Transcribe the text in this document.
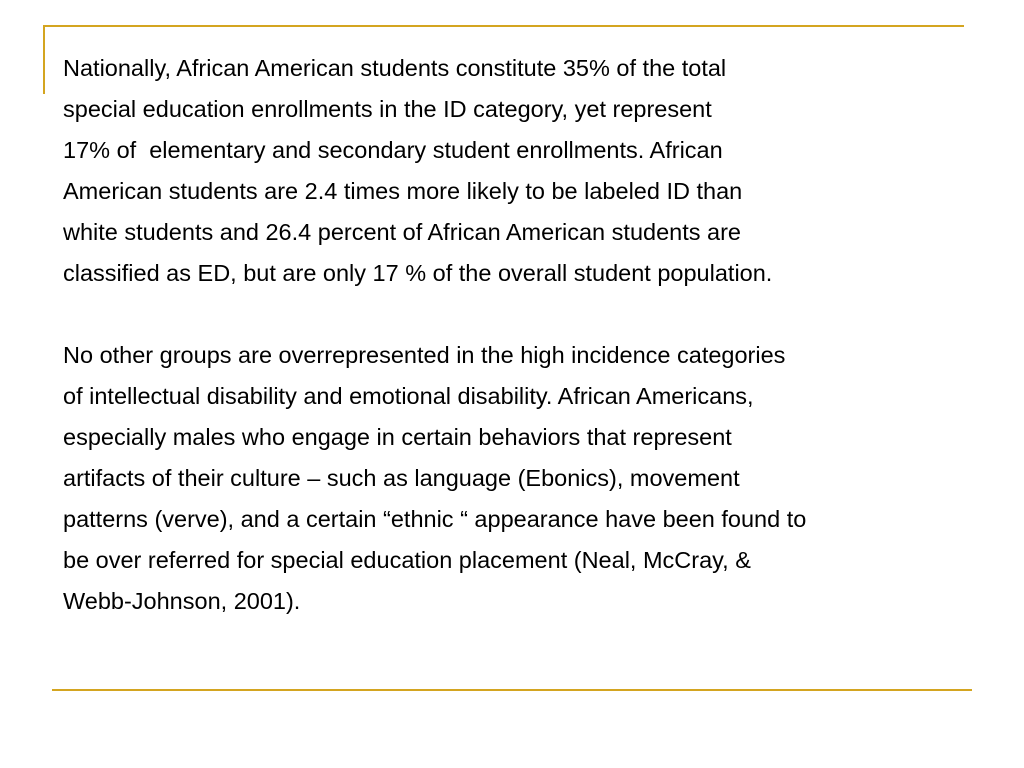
Nationally, African American students constitute 35% of the total
special education enrollments in the ID category, yet represent
17% of  elementary and secondary student enrollments. African
American students are 2.4 times more likely to be labeled ID than
white students and 26.4 percent of African American students are
classified as ED, but are only 17 % of the overall student population.
No other groups are overrepresented in the high incidence categories
of intellectual disability and emotional disability. African Americans,
especially males who engage in certain behaviors that represent
artifacts of their culture – such as language (Ebonics), movement
patterns (verve), and a certain “ethnic “ appearance have been found to
be over referred for special education placement (Neal, McCray, &
Webb-Johnson, 2001).
